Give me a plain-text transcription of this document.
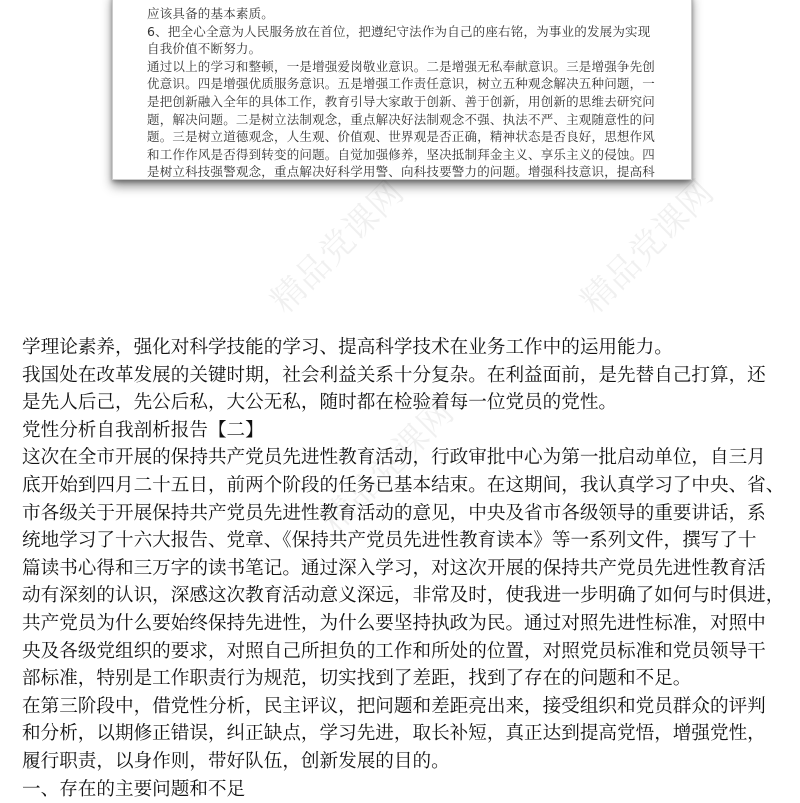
精品党课网	精品党课网
精品党课网
应该具备的基本素质。
6、把全心全意为人民服务放在首位，把遵纪守法作为自己的座右铭，为事业的发展为实现
自我价值不断努力。
通过以上的学习和整顿，一是增强爱岗敬业意识。二是增强无私奉献意识。三是增强争先创
优意识。四是增强优质服务意识。五是增强工作责任意识，树立五种观念解决五种问题，一
是把创新融入全年的具体工作，教育引导大家敢于创新、善于创新，用创新的思维去研究问
题，解决问题。二是树立法制观念，重点解决好法制观念不强、执法不严、主观随意性的问
题。三是树立道德观念，人生观、价值观、世界观是否正确，精神状态是否良好，思想作风
和工作作风是否得到转变的问题。自觉加强修养，坚决抵制拜金主义、享乐主义的侵蚀。四
是树立科技强警观念，重点解决好科学用警、向科技要警力的问题。增强科技意识，提高科
学理论素养，强化对科学技能的学习、提高科学技术在业务工作中的运用能力。
我国处在改革发展的关键时期，社会利益关系十分复杂。在利益面前，是先替自己打算，还
是先人后己，先公后私，大公无私，随时都在检验着每一位党员的党性。
党性分析自我剖析报告【二】
这次在全市开展的保持共产党员先进性教育活动，行政审批中心为第一批启动单位，自三月
底开始到四月二十五日，前两个阶段的任务已基本结束。在这期间，我认真学习了中央、省、
市各级关于开展保持共产党员先进性教育活动的意见，中央及省市各级领导的重要讲话，系
统地学习了十六大报告、党章、《保持共产党员先进性教育读本》等一系列文件，撰写了十
篇读书心得和三万字的读书笔记。通过深入学习，对这次开展的保持共产党员先进性教育活
动有深刻的认识，深感这次教育活动意义深远，非常及时，使我进一步明确了如何与时俱进，
共产党员为什么要始终保持先进性，为什么要坚持执政为民。通过对照先进性标准，对照中
央及各级党组织的要求，对照自己所担负的工作和所处的位置，对照党员标准和党员领导干
部标准，特别是工作职责行为规范，切实找到了差距，找到了存在的问题和不足。
在第三阶段中，借党性分析，民主评议，把问题和差距亮出来，接受组织和党员群众的评判
和分析，以期修正错误，纠正缺点，学习先进，取长补短，真正达到提高党悟，增强党性，
履行职责，以身作则，带好队伍，创新发展的目的。
一、存在的主要问题和不足
